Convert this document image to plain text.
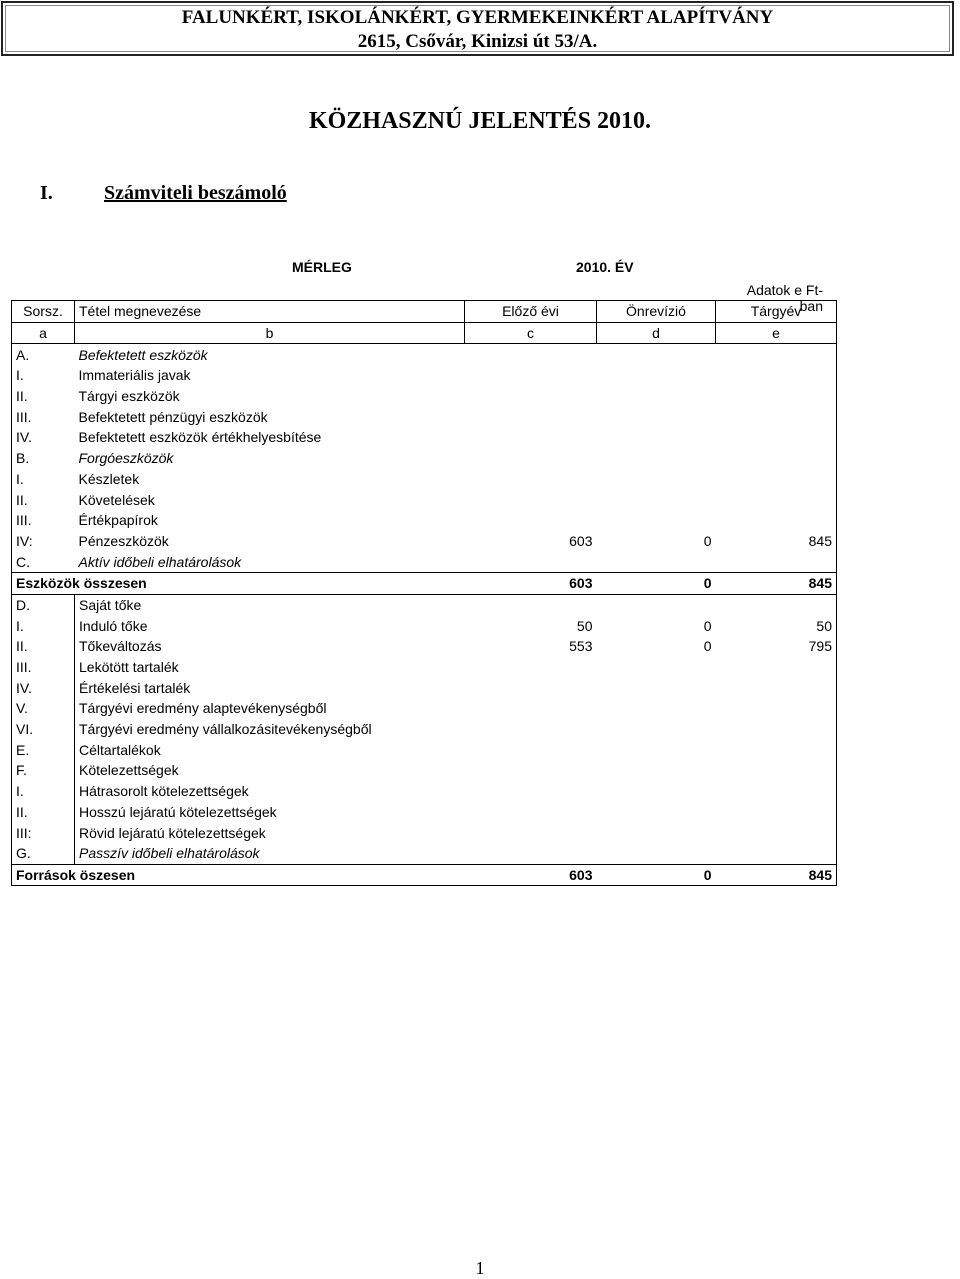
FALUNKÉRT, ISKOLÁNKÉRT, GYERMEKEINKÉRT ALAPÍTVÁNY
2615, Csővár, Kinizsi út 53/A.
KÖZHASZNÚ JELENTÉS 2010.
I.	Számviteli beszámoló
MÉRLEG	2010. ÉV
Adatok e Ft-ban
Sorsz.	Tétel megnevezése	Előző évi	Önrevízió	Tárgyév
a	b	c	d	e
A.	Befektetett eszközök			
I.	Immateriális javak			
II.	Tárgyi eszközök			
III.	Befektetett pénzügyi eszközök			
IV.	Befektetett eszközök értékhelyesbítése			
B.	Forgóeszközök			
I.	Készletek			
II.	Követelések			
III.	Értékpapírok			
IV:	Pénzeszközök	603	0	845
C.	Aktív időbeli elhatárolások			
Eszközök összesen		603	0	845
D.	Saját tőke			
I.	Induló tőke	50	0	50
II.	Tőkeváltozás	553	0	795
III.	Lekötött tartalék			
IV.	Értékelési tartalék			
V.	Tárgyévi eredmény alaptevékenységből			
VI.	Tárgyévi eredmény vállalkozásitevékenységből			
E.	Céltartalékok			
F.	Kötelezettségek			
I.	Hátrasorolt kötelezettségek			
II.	Hosszú lejáratú kötelezettségek			
III:	Rövid lejáratú kötelezettségek			
G.	Passzív időbeli elhatárolások			
Források öszesen		603	0	845
1
